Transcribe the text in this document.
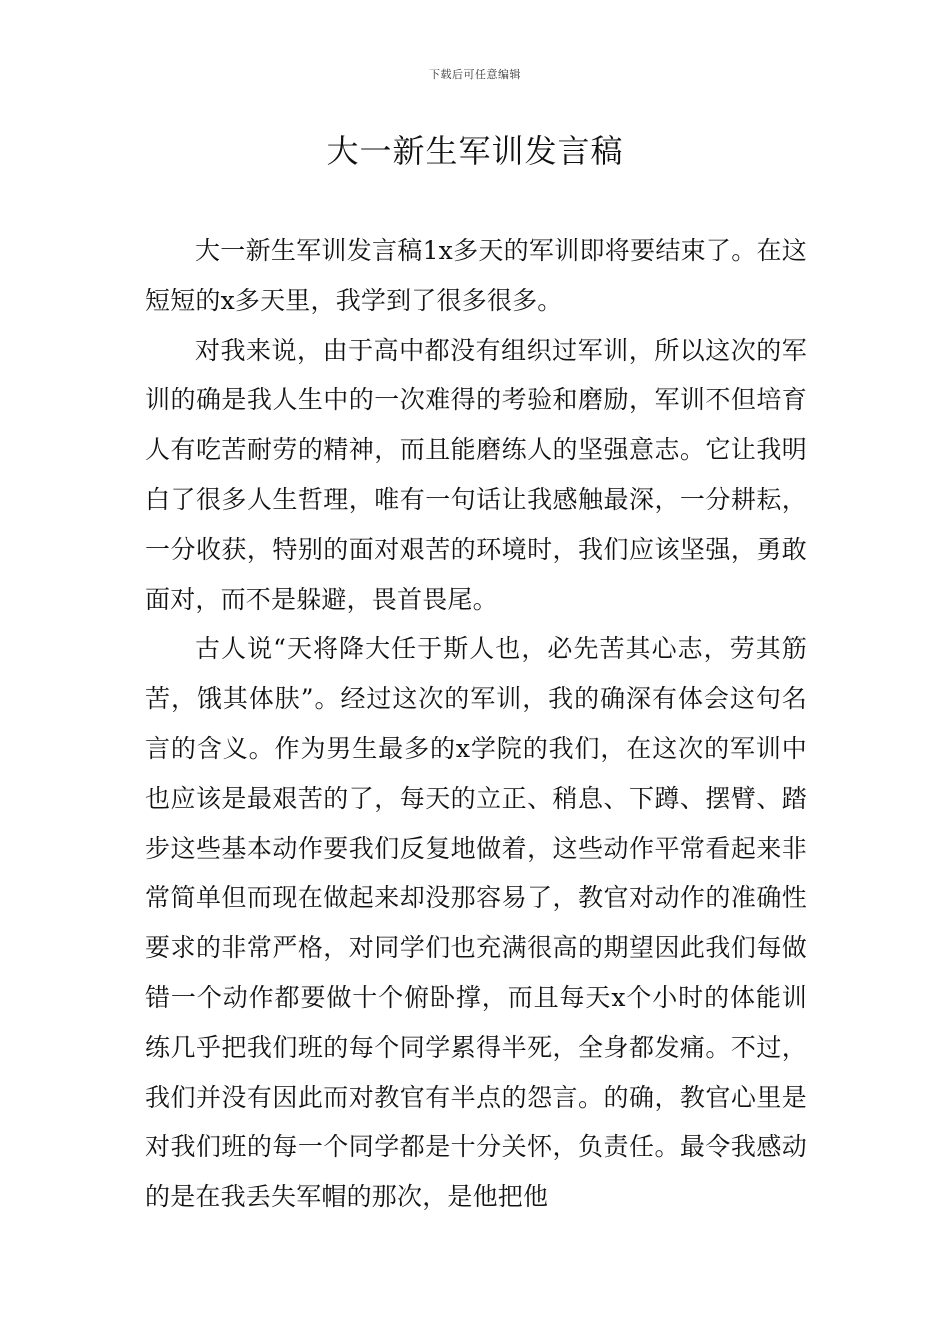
下载后可任意编辑
大一新生军训发言稿

大一新生军训发言稿1x多天的军训即将要结束了。在这短短的x多天里，我学到了很多很多。

对我来说，由于高中都没有组织过军训，所以这次的军训的确是我人生中的一次难得的考验和磨励，军训不但培育人有吃苦耐劳的精神，而且能磨练人的坚强意志。它让我明白了很多人生哲理，唯有一句话让我感触最深，一分耕耘，一分收获，特别的面对艰苦的环境时，我们应该坚强，勇敢面对，而不是躲避，畏首畏尾。

古人说“天将降大任于斯人也，必先苦其心志，劳其筋苦，饿其体肤”。经过这次的军训，我的确深有体会这句名言的含义。作为男生最多的x学院的我们，在这次的军训中也应该是最艰苦的了，每天的立正、稍息、下蹲、摆臂、踏步这些基本动作要我们反复地做着，这些动作平常看起来非常简单但而现在做起来却没那容易了，教官对动作的准确性要求的非常严格，对同学们也充满很高的期望因此我们每做错一个动作都要做十个俯卧撑，而且每天x个小时的体能训练几乎把我们班的每个同学累得半死，全身都发痛。不过，我们并没有因此而对教官有半点的怨言。的确，教官心里是对我们班的每一个同学都是十分关怀，负责任。最令我感动的是在我丢失军帽的那次，是他把他
